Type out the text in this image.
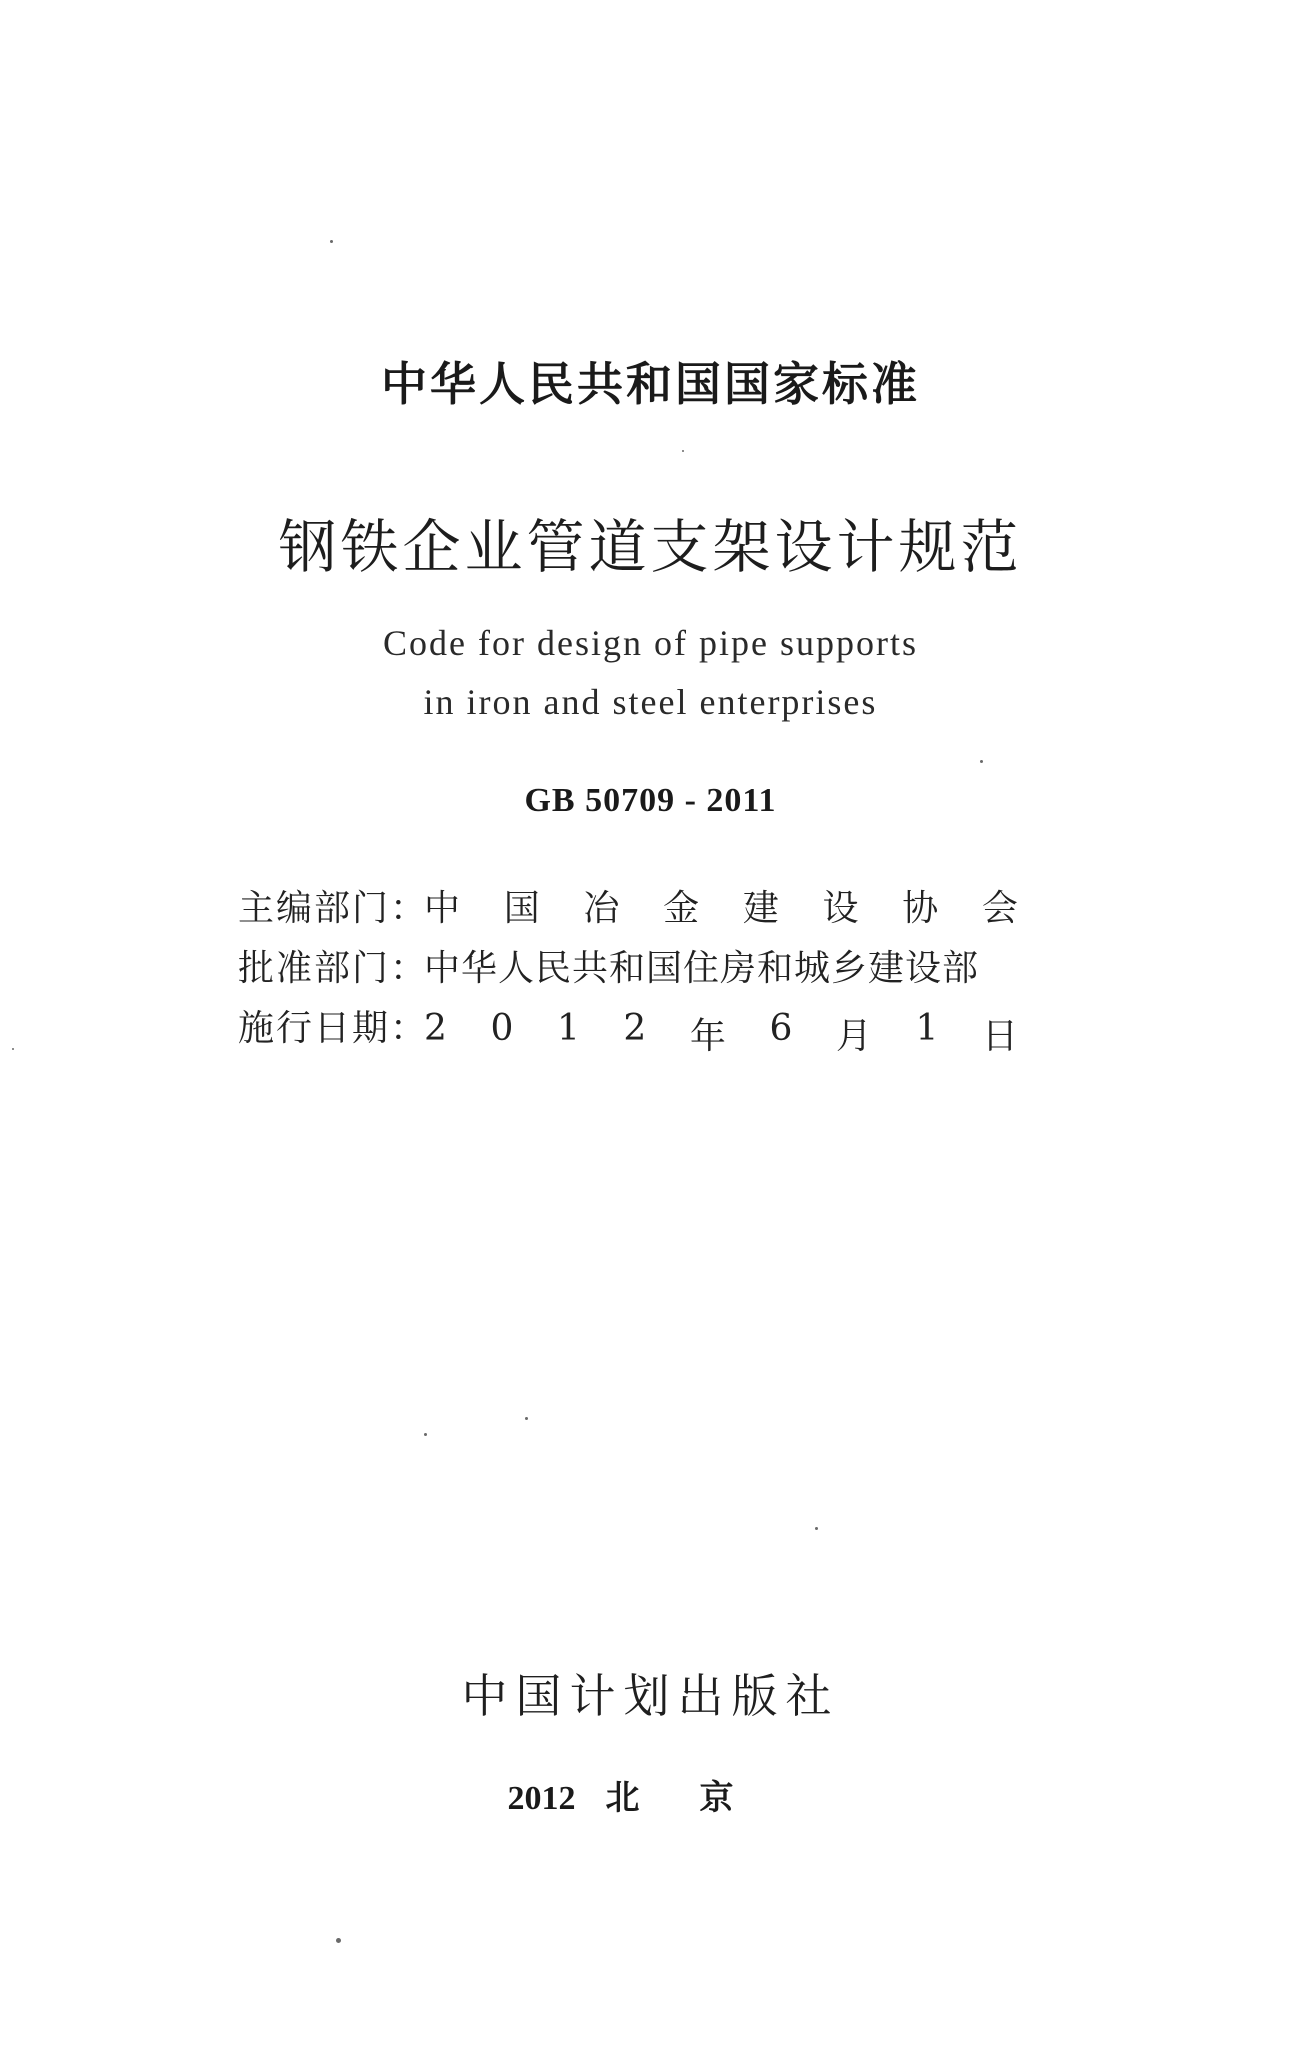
中华人民共和国国家标准
钢铁企业管道支架设计规范
Code for design of pipe supports
in iron and steel enterprises
GB 50709 - 2011
主编部门：
中 国 冶 金 建 设 协 会
批准部门：
中华人民共和国住房和城乡建设部
施行日期：
2 0 1 2 年 6 月 1 日
中国计划出版社
2012 北京
